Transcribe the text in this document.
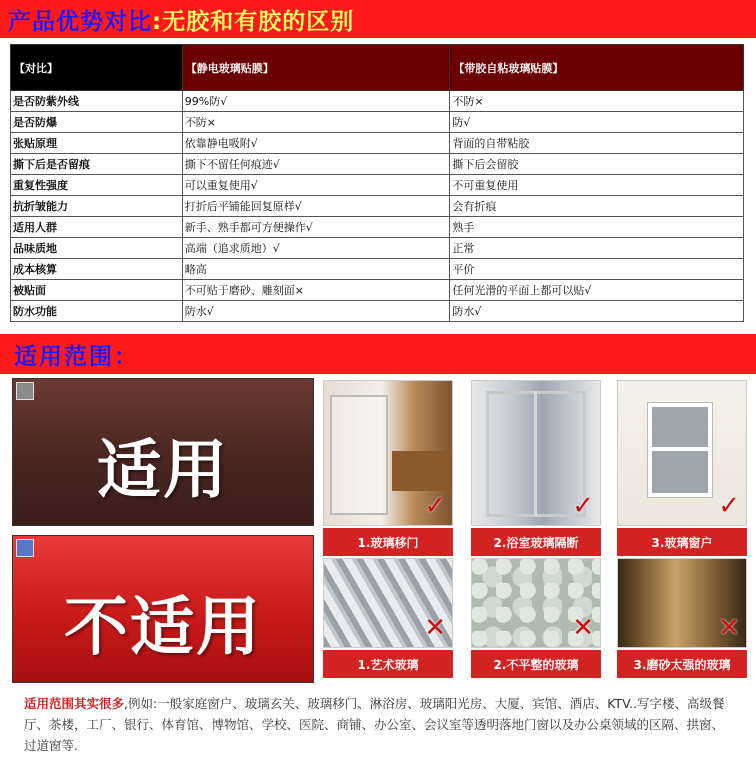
产品优势对比 :无胶和有胶的区别
【对比】	【静电玻璃贴膜】	【带胶自粘玻璃贴膜】
是否防紫外线	99%防√	不防×
是否防爆	不防×	防√
张贴原理	依靠静电吸附√	背面的自带粘胶
撕下后是否留痕	撕下不留任何痕迹√	撕下后会留胶
重复性强度	可以重复使用√	不可重复使用
抗折皱能力	打折后平铺能回复原样√	会有折痕
适用人群	新手、熟手都可方便操作√	熟手
品味质地	高端（追求质地）√	正常
成本核算	略高	平价
被贴面	不可贴于磨砂、雕刻面×	任何光滑的平面上都可以贴√
防水功能	防水√	防水√
适用范围：
适用
不适用
✓
1.玻璃移门
✓
2.浴室玻璃隔断
✓
3.玻璃窗户
✕
1.艺术玻璃
✕
2.不平整的玻璃
✕
3.磨砂太强的玻璃
适用范围其实很多,例如:一般家庭窗户、玻璃玄关、玻璃移门、淋浴房、玻璃阳光房、大厦、宾馆、酒店、KTV..写字楼、高级餐厅、茶楼，工厂、银行、体育馆、博物馆、学校、医院、商铺、办公室、会议室等透明落地门窗以及办公桌领域的区隔、拱窗、过道窗等.
